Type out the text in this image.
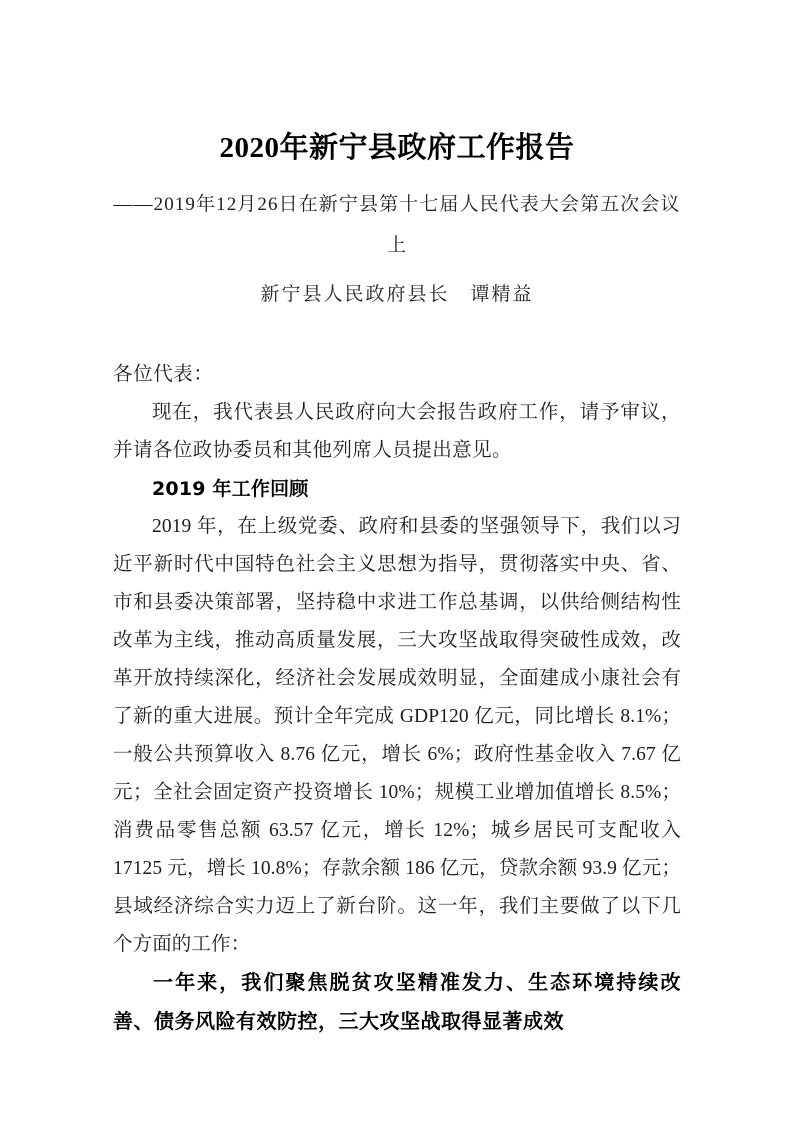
2020年新宁县政府工作报告

——2019年12月26日在新宁县第十七届人民代表大会第五次会议上

新宁县人民政府县长　谭精益

各位代表：

现在，我代表县人民政府向大会报告政府工作，请予审议，并请各位政协委员和其他列席人员提出意见。

2019 年工作回顾

2019 年，在上级党委、政府和县委的坚强领导下，我们以习近平新时代中国特色社会主义思想为指导，贯彻落实中央、省、市和县委决策部署，坚持稳中求进工作总基调，以供给侧结构性改革为主线，推动高质量发展，三大攻坚战取得突破性成效，改革开放持续深化，经济社会发展成效明显，全面建成小康社会有了新的重大进展。预计全年完成 GDP120 亿元，同比增长 8.1%；一般公共预算收入 8.76 亿元，增长 6%；政府性基金收入 7.67 亿元；全社会固定资产投资增长 10%；规模工业增加值增长 8.5%；消费品零售总额 63.57 亿元，增长 12%；城乡居民可支配收入 17125 元，增长 10.8%；存款余额 186 亿元，贷款余额 93.9 亿元；县域经济综合实力迈上了新台阶。这一年，我们主要做了以下几个方面的工作：

一年来，我们聚焦脱贫攻坚精准发力、生态环境持续改善、债务风险有效防控，三大攻坚战取得显著成效
